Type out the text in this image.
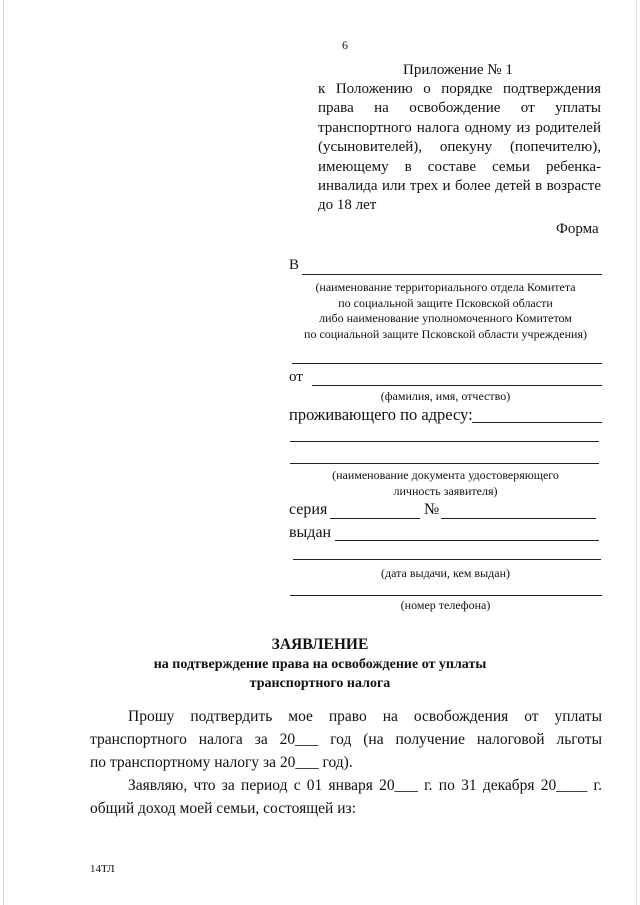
6
Приложение № 1
к Положению о порядке подтверждения
права на освобождение от уплаты
транспортного налога одному из родителей
(усыновителей), опекуну (попечителю),
имеющему в составе семьи ребенка-
инвалида или трех и более детей в возрасте
до 18 лет
Форма
В
(наименование территориального отдела Комитета
по социальной защите Псковской области
либо наименование уполномоченного Комитетом
по социальной защите Псковской области учреждения)
от
(фамилия, имя, отчество)
проживающего по адресу:
(наименование документа удостоверяющего
личность заявителя)
серия	№
выдан
(дата выдачи, кем выдан)
(номер телефона)
ЗАЯВЛЕНИЕ
на подтверждение права на освобождение от уплаты
транспортного налога
Прошу подтвердить мое право на освобождения от уплаты
транспортного налога за 20___ год (на получение налоговой льготы
по транспортному налогу за 20___ год).
Заявляю, что за период с 01 января 20___ г. по 31 декабря 20____ г.
общий доход моей семьи, состоящей из:
14ТЛ
